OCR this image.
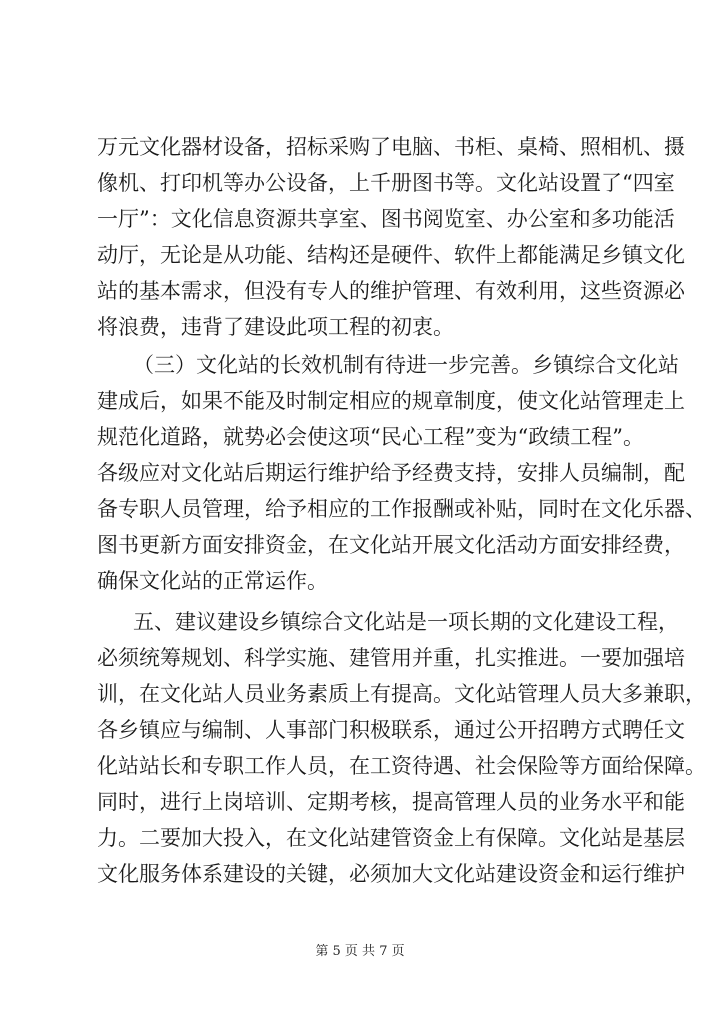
万元文化器材设备，招标采购了电脑、书柜、桌椅、照相机、摄
像机、打印机等办公设备，上千册图书等。文化站设置了“四室
一厅”：文化信息资源共享室、图书阅览室、办公室和多功能活
动厅，无论是从功能、结构还是硬件、软件上都能满足乡镇文化
站的基本需求，但没有专人的维护管理、有效利用，这些资源必
将浪费，违背了建设此项工程的初衷。
（三）文化站的长效机制有待进一步完善。乡镇综合文化站
建成后，如果不能及时制定相应的规章制度，使文化站管理走上
规范化道路，就势必会使这项“民心工程”变为“政绩工程”。
各级应对文化站后期运行维护给予经费支持，安排人员编制，配
备专职人员管理，给予相应的工作报酬或补贴，同时在文化乐器、
图书更新方面安排资金，在文化站开展文化活动方面安排经费，
确保文化站的正常运作。
五、建议建设乡镇综合文化站是一项长期的文化建设工程，
必须统筹规划、科学实施、建管用并重，扎实推进。一要加强培
训，在文化站人员业务素质上有提高。文化站管理人员大多兼职，
各乡镇应与编制、人事部门积极联系，通过公开招聘方式聘任文
化站站长和专职工作人员，在工资待遇、社会保险等方面给保障。
同时，进行上岗培训、定期考核，提高管理人员的业务水平和能
力。二要加大投入，在文化站建管资金上有保障。文化站是基层
文化服务体系建设的关键，必须加大文化站建设资金和运行维护
第 5 页 共 7 页
